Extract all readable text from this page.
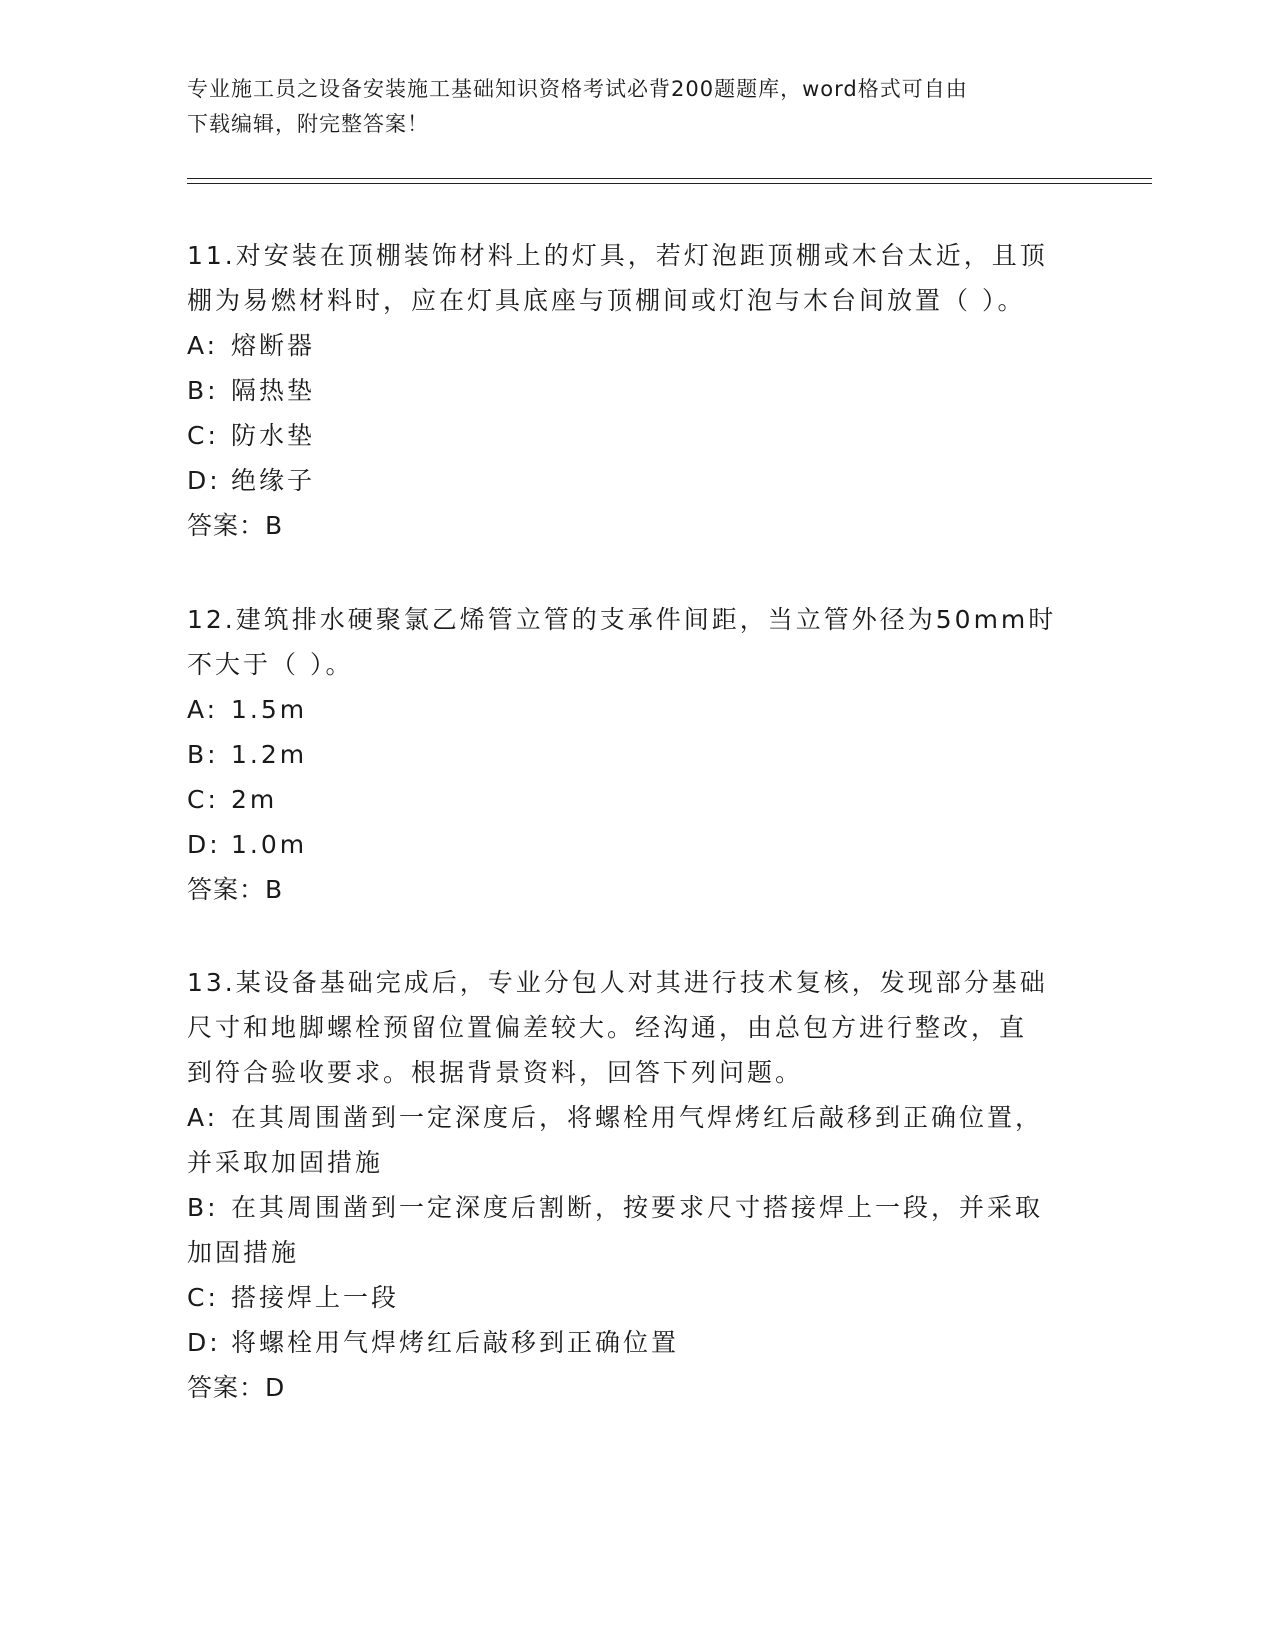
专业施工员之设备安装施工基础知识资格考试必背200题题库，word格式可自由
下载编辑，附完整答案！
11.对安装在顶棚装饰材料上的灯具，若灯泡距顶棚或木台太近，且顶
棚为易燃材料时，应在灯具底座与顶棚间或灯泡与木台间放置（ ）。
A: 熔断器
B: 隔热垫
C: 防水垫
D: 绝缘子
答案：B
12.建筑排水硬聚氯乙烯管立管的支承件间距，当立管外径为50mm时
不大于（ ）。
A: 1.5m
B: 1.2m
C: 2m
D: 1.0m
答案：B
13.某设备基础完成后，专业分包人对其进行技术复核，发现部分基础
尺寸和地脚螺栓预留位置偏差较大。经沟通，由总包方进行整改，直
到符合验收要求。根据背景资料，回答下列问题。
A: 在其周围凿到一定深度后，将螺栓用气焊烤红后敲移到正确位置，
并采取加固措施
B: 在其周围凿到一定深度后割断，按要求尺寸搭接焊上一段，并采取
加固措施
C: 搭接焊上一段
D: 将螺栓用气焊烤红后敲移到正确位置
答案：D
